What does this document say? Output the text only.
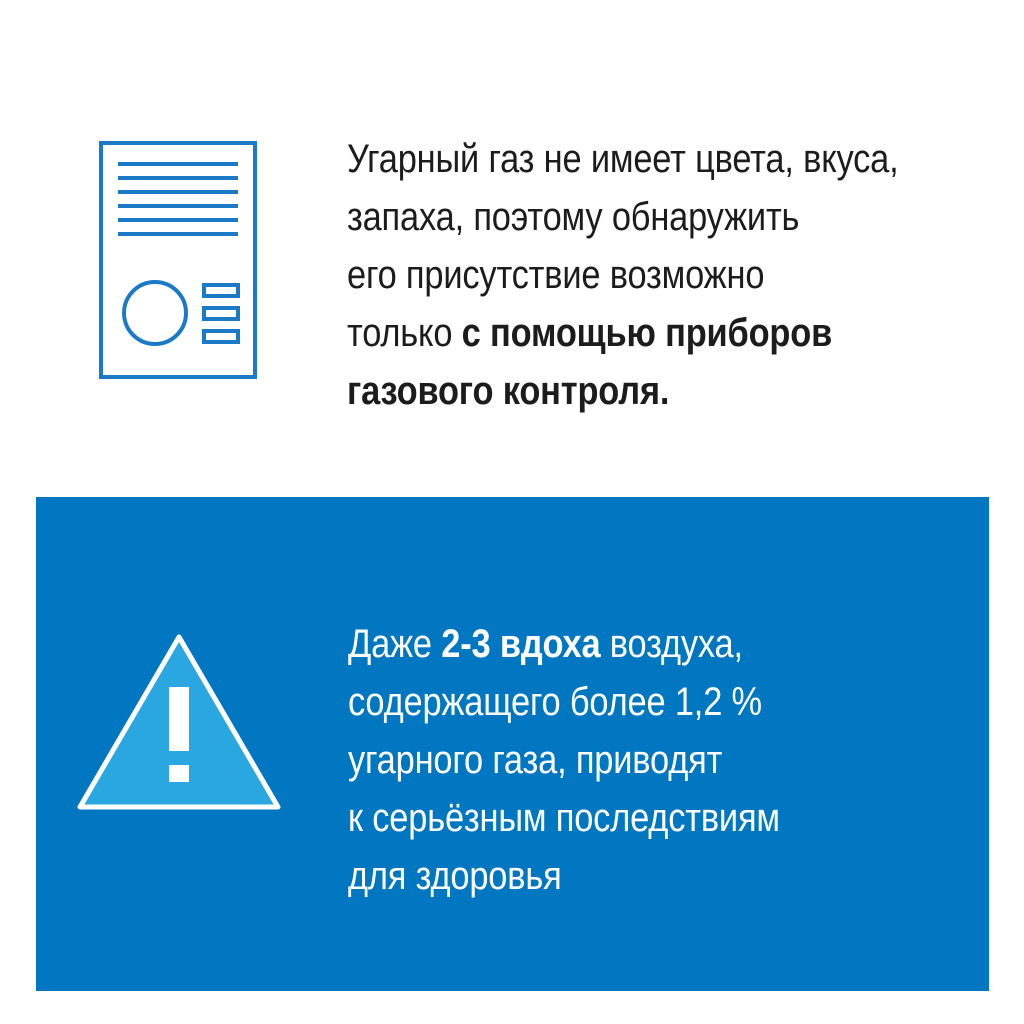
Угарный газ не имеет цвета, вкуса,
запаха, поэтому обнаружить
его присутствие возможно
только с помощью приборов
газового контроля.
Даже 2-3 вдоха воздуха,
содержащего более 1,2 %
угарного газа, приводят
к серьёзным последствиям
для здоровья
